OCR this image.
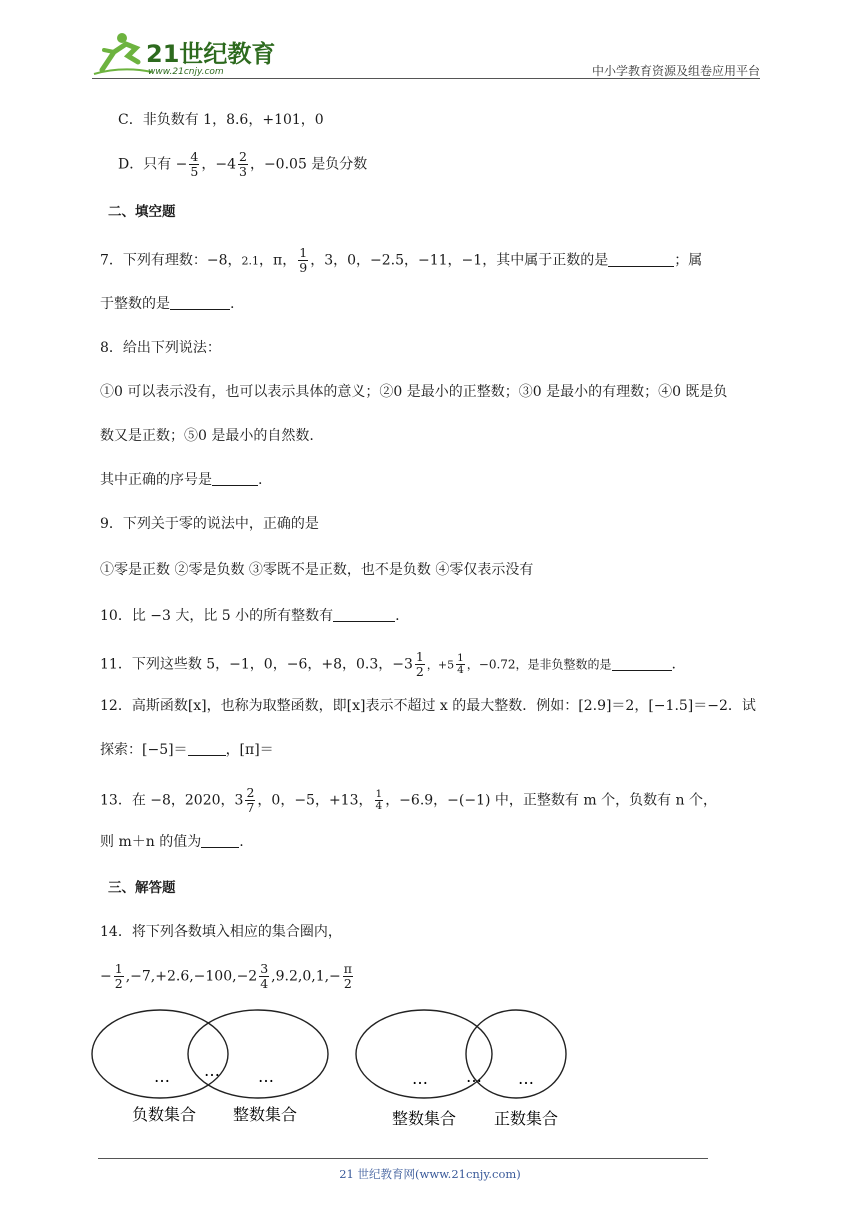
21世纪教育
www.21cnjy.com	中小学教育资源及组卷应用平台
C．非负数有 1，8.6，+101，0
D．只有 − $\frac{4}{5}$ ，$-4 \frac{2}{3}$ ，−0.05 是负分数
二、填空题
7．下列有理数：−8，2.1，π， $\frac{1}{9}$ ，3，0，−2.5，−11，−1，其中属于正数的是	；属
于整数的是	.
8．给出下列说法：
①0 可以表示没有，也可以表示具体的意义；②0 是最小的正整数；③0 是最小的有理数；④0 既是负
数又是正数；⑤0 是最小的自然数.
其中正确的序号是	.
9．下列关于零的说法中，正确的是
①零是正数 ②零是负数 ③零既不是正数，也不是负数 ④零仅表示没有
10．比 −3 大，比 5 小的所有整数有	.
11．下列这些数 5，−1，0，−6，+8，0.3，$-3 \frac{1}{2}$ ，$+5 \frac{1}{4}$ ，−0.72，是非负整数的是	.
12．高斯函数[x]，也称为取整函数，即[x]表示不超过 x 的最大整数．例如：[2.9]＝2，[−1.5]＝−2．试
探索：[−5]＝	，[π]＝
13．在 −8，2020，$3 \frac{2}{7}$ ，0，−5，+13， $\frac{1}{4}$ ，−6.9，−(−1) 中，正整数有 m 个，负数有 n 个，
则 m＋n 的值为	.
三、解答题
14．将下列各数填入相应的集合圈内，
− $\frac{1}{2} ,-7,+2.6,-100,-2 \frac{3}{4} ,9.2,0,1,- \frac{\pi}{2}$
… … …
负数集合 整数集合
… … …
整数集合 正数集合
21 世纪教育网(www.21cnjy.com)
